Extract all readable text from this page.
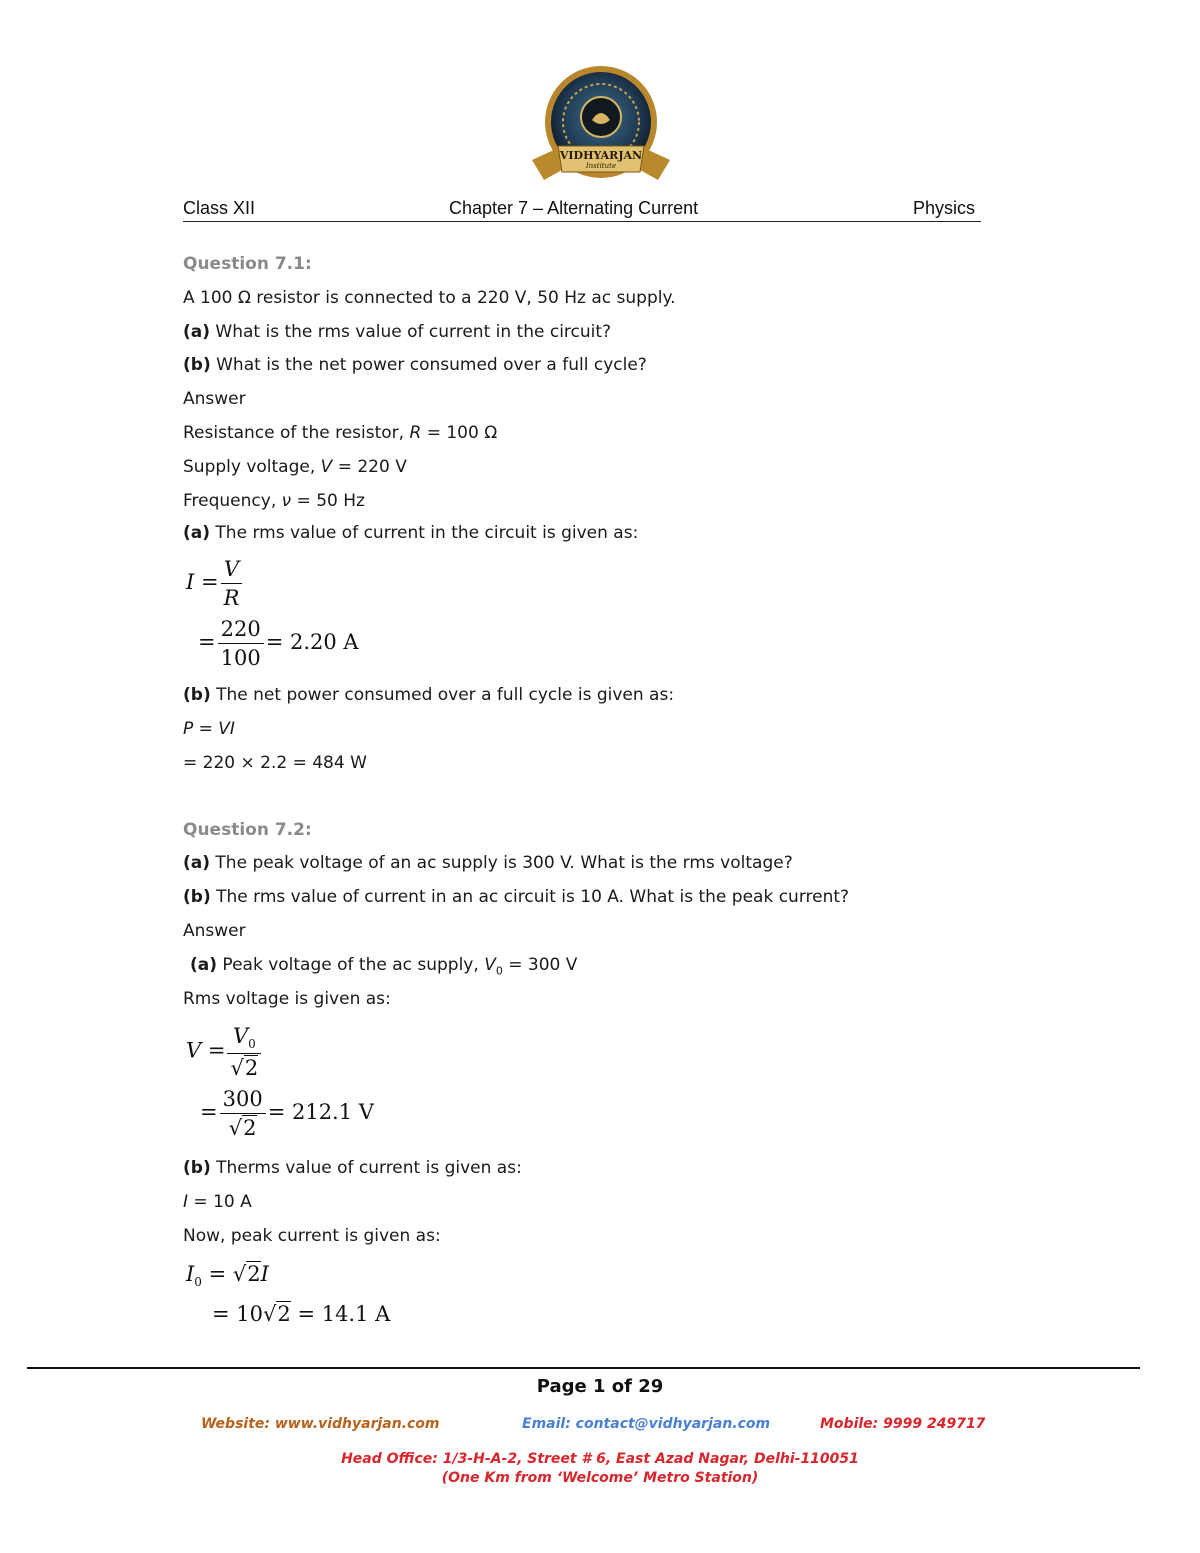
VIDHYARJAN
Institute
Class XII	Chapter 7 – Alternating Current	Physics
Question 7.1:
A 100 Ω resistor is connected to a 220 V, 50 Hz ac supply.
(a) What is the rms value of current in the circuit?
(b) What is the net power consumed over a full cycle?
Answer
Resistance of the resistor, R = 100 Ω
Supply voltage, V = 220 V
Frequency, ν = 50 Hz
(a) The rms value of current in the circuit is given as:
$I = \frac{V}{R}$
= $\frac{220}{100} = 2.20$ A
(b) The net power consumed over a full cycle is given as:
P = VI
= 220 × 2.2 = 484 W
Question 7.2:
(a) The peak voltage of an ac supply is 300 V. What is the rms voltage?
(b) The rms value of current in an ac circuit is 10 A. What is the peak current?
Answer
(a) Peak voltage of the ac supply, $V_0 = 300$ V
Rms voltage is given as:
$V = \frac{V_0}{√2}$
= $\frac{300}{√2} = 212.1$ V
(b) Therms value of current is given as:
I = 10 A
Now, peak current is given as:
$I_0 = √2I$
= 10√2 = 14.1 A
Page 1 of 29
Website: www.vidhyarjan.com	Email: contact@vidhyarjan.com	Mobile: 9999 249717
Head Office: 1/3-H-A-2, Street # 6, East Azad Nagar, Delhi-110051
(One Km from ‘Welcome’ Metro Station)
